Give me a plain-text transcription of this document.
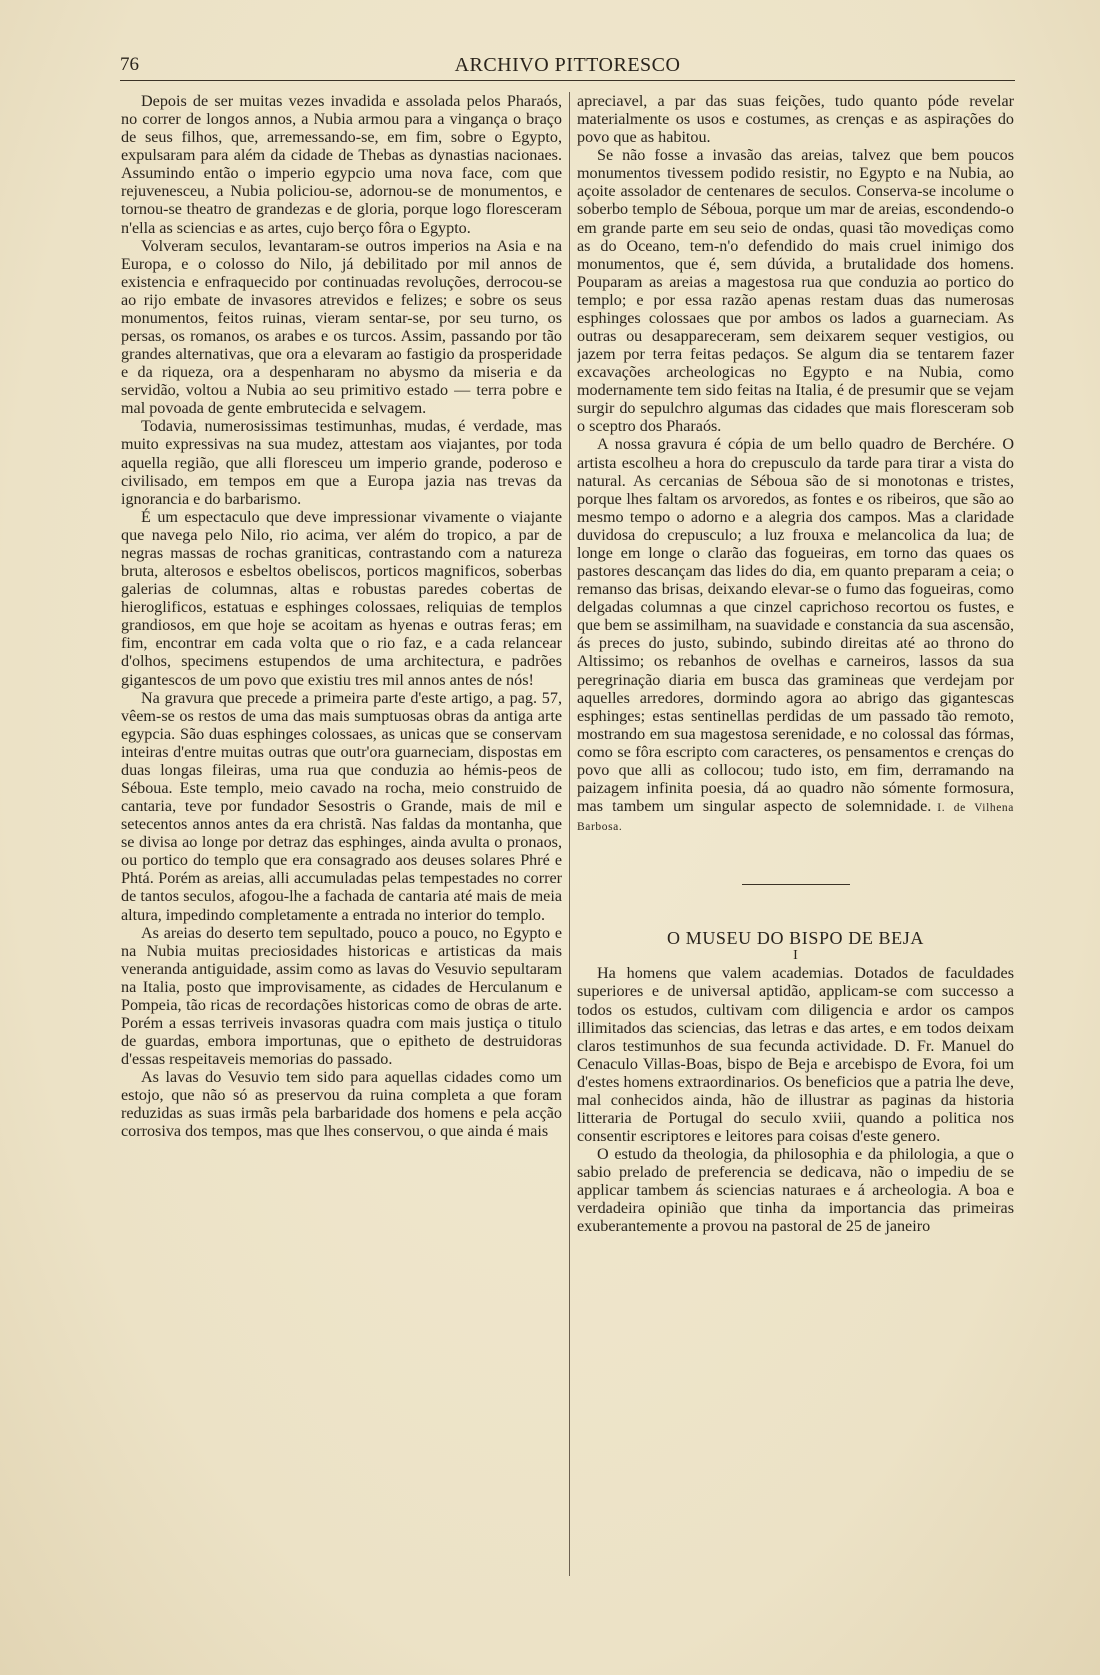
76	ARCHIVO PITTORESCO

Depois de ser muitas vezes invadida e assolada pelos Pharaós, no correr de longos annos, a Nubia armou para a vingança o braço de seus filhos, que, arremessando-se, em fim, sobre o Egypto, expulsaram para além da cidade de Thebas as dynastias nacionaes. Assumindo então o imperio egypcio uma nova face, com que rejuvenesceu, a Nubia policiou-se, adornou-se de monumentos, e tornou-se theatro de grandezas e de gloria, porque logo floresceram n'ella as sciencias e as artes, cujo berço fôra o Egypto.

Volveram seculos, levantaram-se outros imperios na Asia e na Europa, e o colosso do Nilo, já debilitado por mil annos de existencia e enfraquecido por continuadas revoluções, derrocou-se ao rijo embate de invasores atrevidos e felizes; e sobre os seus monumentos, feitos ruinas, vieram sentar-se, por seu turno, os persas, os romanos, os arabes e os turcos. Assim, passando por tão grandes alternativas, que ora a elevaram ao fastigio da prosperidade e da riqueza, ora a despenharam no abysmo da miseria e da servidão, voltou a Nubia ao seu primitivo estado — terra pobre e mal povoada de gente embrutecida e selvagem.

Todavia, numerosissimas testimunhas, mudas, é verdade, mas muito expressivas na sua mudez, attestam aos viajantes, por toda aquella região, que alli floresceu um imperio grande, poderoso e civilisado, em tempos em que a Europa jazia nas trevas da ignorancia e do barbarismo.

É um espectaculo que deve impressionar vivamente o viajante que navega pelo Nilo, rio acima, ver além do tropico, a par de negras massas de rochas graniticas, contrastando com a natureza bruta, alterosos e esbeltos obeliscos, porticos magnificos, soberbas galerias de columnas, altas e robustas paredes cobertas de hieroglificos, estatuas e esphinges colossaes, reliquias de templos grandiosos, em que hoje se acoitam as hyenas e outras feras; em fim, encontrar em cada volta que o rio faz, e a cada relancear d'olhos, specimens estupendos de uma architectura, e padrões gigantescos de um povo que existiu tres mil annos antes de nós!

Na gravura que precede a primeira parte d'este artigo, a pag. 57, vêem-se os restos de uma das mais sumptuosas obras da antiga arte egypcia. São duas esphinges colossaes, as unicas que se conservam inteiras d'entre muitas outras que outr'ora guarneciam, dispostas em duas longas fileiras, uma rua que conduzia ao hémis-peos de Séboua. Este templo, meio cavado na rocha, meio construido de cantaria, teve por fundador Sesostris o Grande, mais de mil e setecentos annos antes da era christã. Nas faldas da montanha, que se divisa ao longe por detraz das esphinges, ainda avulta o pronaos, ou portico do templo que era consagrado aos deuses solares Phré e Phtá. Porém as areias, alli accumuladas pelas tempestades no correr de tantos seculos, afogou-lhe a fachada de cantaria até mais de meia altura, impedindo completamente a entrada no interior do templo.

As areias do deserto tem sepultado, pouco a pouco, no Egypto e na Nubia muitas preciosidades historicas e artisticas da mais veneranda antiguidade, assim como as lavas do Vesuvio sepultaram na Italia, posto que improvisamente, as cidades de Herculanum e Pompeia, tão ricas de recordações historicas como de obras de arte. Porém a essas terriveis invasoras quadra com mais justiça o titulo de guardas, embora importunas, que o epitheto de destruidoras d'essas respeitaveis memorias do passado.

As lavas do Vesuvio tem sido para aquellas cidades como um estojo, que não só as preservou da ruina completa a que foram reduzidas as suas irmãs pela barbaridade dos homens e pela acção corrosiva dos tempos, mas que lhes conservou, o que ainda é mais

apreciavel, a par das suas feições, tudo quanto póde revelar materialmente os usos e costumes, as crenças e as aspirações do povo que as habitou.

Se não fosse a invasão das areias, talvez que bem poucos monumentos tivessem podido resistir, no Egypto e na Nubia, ao açoite assolador de centenares de seculos. Conserva-se incolume o soberbo templo de Séboua, porque um mar de areias, escondendo-o em grande parte em seu seio de ondas, quasi tão movediças como as do Oceano, tem-n'o defendido do mais cruel inimigo dos monumentos, que é, sem dúvida, a brutalidade dos homens. Pouparam as areias a magestosa rua que conduzia ao portico do templo; e por essa razão apenas restam duas das numerosas esphinges colossaes que por ambos os lados a guarneciam. As outras ou desappareceram, sem deixarem sequer vestigios, ou jazem por terra feitas pedaços. Se algum dia se tentarem fazer excavações archeologicas no Egypto e na Nubia, como modernamente tem sido feitas na Italia, é de presumir que se vejam surgir do sepulchro algumas das cidades que mais floresceram sob o sceptro dos Pharaós.

A nossa gravura é cópia de um bello quadro de Berchére. O artista escolheu a hora do crepusculo da tarde para tirar a vista do natural. As cercanias de Séboua são de si monotonas e tristes, porque lhes faltam os arvoredos, as fontes e os ribeiros, que são ao mesmo tempo o adorno e a alegria dos campos. Mas a claridade duvidosa do crepusculo; a luz frouxa e melancolica da lua; de longe em longe o clarão das fogueiras, em torno das quaes os pastores descançam das lides do dia, em quanto preparam a ceia; o remanso das brisas, deixando elevar-se o fumo das fogueiras, como delgadas columnas a que cinzel caprichoso recortou os fustes, e que bem se assimilham, na suavidade e constancia da sua ascensão, ás preces do justo, subindo, subindo direitas até ao throno do Altissimo; os rebanhos de ovelhas e carneiros, lassos da sua peregrinação diaria em busca das gramineas que verdejam por aquelles arredores, dormindo agora ao abrigo das gigantescas esphinges; estas sentinellas perdidas de um passado tão remoto, mostrando em sua magestosa serenidade, e no colossal das fórmas, como se fôra escripto com caracteres, os pensamentos e crenças do povo que alli as collocou; tudo isto, em fim, derramando na paizagem infinita poesia, dá ao quadro não sómente formosura, mas tambem um singular aspecto de solemnidade. I. de Vilhena Barbosa.

O MUSEU DO BISPO DE BEJA

I

Ha homens que valem academias. Dotados de faculdades superiores e de universal aptidão, applicam-se com successo a todos os estudos, cultivam com diligencia e ardor os campos illimitados das sciencias, das letras e das artes, e em todos deixam claros testimunhos de sua fecunda actividade. D. Fr. Manuel do Cenaculo Villas-Boas, bispo de Beja e arcebispo de Evora, foi um d'estes homens extraordinarios. Os beneficios que a patria lhe deve, mal conhecidos ainda, hão de illustrar as paginas da historia litteraria de Portugal do seculo xviii, quando a politica nos consentir escriptores e leitores para coisas d'este genero.

O estudo da theologia, da philosophia e da philologia, a que o sabio prelado de preferencia se dedicava, não o impediu de se applicar tambem ás sciencias naturaes e á archeologia. A boa e verdadeira opinião que tinha da importancia das primeiras exuberantemente a provou na pastoral de 25 de janeiro
